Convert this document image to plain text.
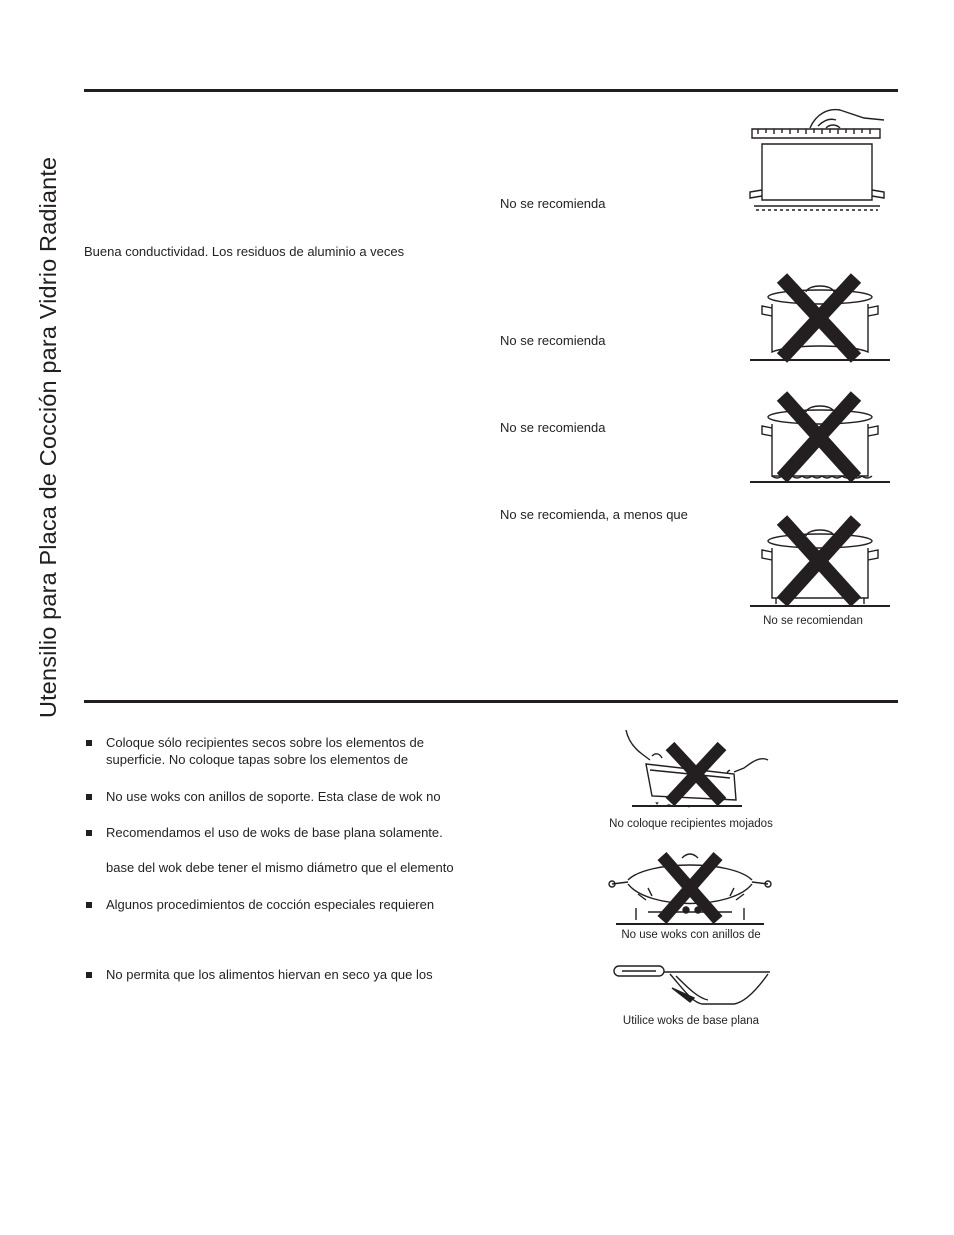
Utensilio para Placa de Cocción para Vidrio Radiante	No se recomienda
Buena conductividad. Los residuos de aluminio a veces
No se recomienda
No se recomienda
No se recomienda, a menos que
No se recomiendan
Coloque sólo recipientes secos sobre los elementos de
superficie. No coloque tapas sobre los elementos de
No use woks con anillos de soporte. Esta clase de wok no
Recomendamos el uso de woks de base plana solamente.
base del wok debe tener el mismo diámetro que el elemento
Algunos procedimientos de cocción especiales requieren
No permita que los alimentos hiervan en seco ya que los
No coloque recipientes mojados
No use woks con anillos de
Utilice woks de base plana
